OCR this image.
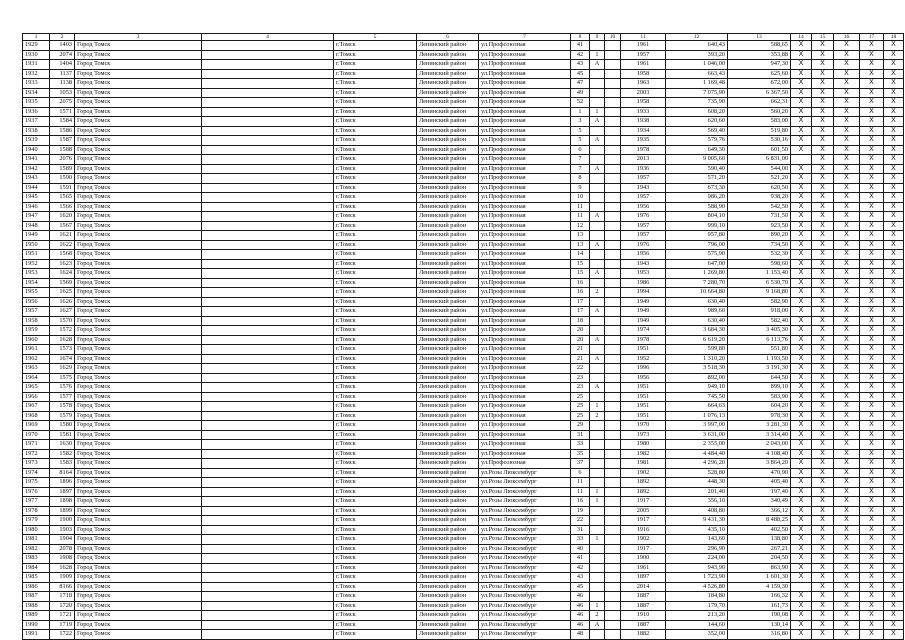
1	2	3	4	5	6	7	8	9	10	11	12	13	14	15	16	17	18
1929	1403	Город Томск		г.Томск	Ленинский район	ул.Профсоюзная	41			1961	640,43	588,65	X	X	X	X	X
1930	2074	Город Томск		г.Томск	Ленинский район	ул.Профсоюзная	42	1		1957	393,20	353,88	X	X	X	X	X
1931	1404	Город Томск		г.Томск	Ленинский район	ул.Профсоюзная	43	А		1961	1 046,00	947,30	X	X	X	X	X
1932	1137	Город Томск		г.Томск	Ленинский район	ул.Профсоюзная	45			1958	663,43	625,60	X	X	X	X	X
1933	1138	Город Томск		г.Томск	Ленинский район	ул.Профсоюзная	47			1963	1 169,48	672,00	X	X	X	X	X
1934	1053	Город Томск		г.Томск	Ленинский район	ул.Профсоюзная	49			2003	7 075,90	6 367,50	X	X	X	X	X
1935	2075	Город Томск		г.Томск	Ленинский район	ул.Профсоюзная	52			1958	735,90	662,31	X	X	X	X	X
1936	1571	Город Томск		г.Томск	Ленинский район	ул.Профсоюзная	1	1		1933	608,20	560,20	X	X	X	X	X
1937	1584	Город Томск		г.Томск	Ленинский район	ул.Профсоюзная	3	А		1938	620,60	583,00	X	X	X	X	X
1938	1586	Город Томск		г.Томск	Ленинский район	ул.Профсоюзная	5			1934	569,40	519,80	X	X	X	X	X
1939	1587	Город Томск		г.Томск	Ленинский район	ул.Профсоюзная	5	А		1935	579,76	530,16	X	X	X	X	X
1940	1588	Город Томск		г.Томск	Ленинский район	ул.Профсоюзная	6			1978	649,30	601,50	X	X	X	X	X
1941	2076	Город Томск		г.Томск	Ленинский район	ул.Профсоюзная	7			2013	9 005,60	6 831,00		X	X	X	X
1942	1589	Город Томск		г.Томск	Ленинский район	ул.Профсоюзная	7	А		1936	590,40	544,00	X	X	X	X	X
1943	1590	Город Томск		г.Томск	Ленинский район	ул.Профсоюзная	8			1957	571,20	521,20	X	X	X	X	X
1944	1591	Город Томск		г.Томск	Ленинский район	ул.Профсоюзная	9			1943	673,30	620,50	X	X	X	X	X
1945	1565	Город Томск		г.Томск	Ленинский район	ул.Профсоюзная	10			1957	986,20	938,20	X	X	X	X	X
1946	1566	Город Томск		г.Томск	Ленинский район	ул.Профсоюзная	11			1956	588,90	542,50	X	X	X	X	X
1947	1620	Город Томск		г.Томск	Ленинский район	ул.Профсоюзная	11	А		1976	804,10	731,50	X	X	X	X	X
1948	1567	Город Томск		г.Томск	Ленинский район	ул.Профсоюзная	12			1957	999,10	923,50	X	X	X	X	X
1949	1621	Город Томск		г.Томск	Ленинский район	ул.Профсоюзная	13			1957	957,80	890,20	X	X	X	X	X
1950	1622	Город Томск		г.Томск	Ленинский район	ул.Профсоюзная	13	А		1976	796,00	734,50	X	X	X	X	X
1951	1568	Город Томск		г.Томск	Ленинский район	ул.Профсоюзная	14			1956	575,90	532,30	X	X	X	X	X
1952	1623	Город Томск		г.Томск	Ленинский район	ул.Профсоюзная	15			1943	647,00	598,60	X	X	X	X	X
1953	1624	Город Томск		г.Томск	Ленинский район	ул.Профсоюзная	15	А		1953	1 269,80	1 153,40	X	X	X	X	X
1954	1569	Город Томск		г.Томск	Ленинский район	ул.Профсоюзная	16			1986	7 280,70	6 530,70	X	X	X	X	X
1955	1625	Город Томск		г.Томск	Ленинский район	ул.Профсоюзная	16	2		1994	10 664,80	9 168,80	X	X	X	X	X
1956	1626	Город Томск		г.Томск	Ленинский район	ул.Профсоюзная	17			1949	630,40	582,90	X	X	X	X	X
1957	1627	Город Томск		г.Томск	Ленинский район	ул.Профсоюзная	17	А		1949	989,60	918,00	X	X	X	X	X
1958	1570	Город Томск		г.Томск	Ленинский район	ул.Профсоюзная	18			1949	630,40	582,40	X	X	X	X	X
1959	1572	Город Томск		г.Томск	Ленинский район	ул.Профсоюзная	20			1974	3 684,30	3 405,30	X	X	X	X	X
1960	1628	Город Томск		г.Томск	Ленинский район	ул.Профсоюзная	20	А		1978	6 619,20	6 113,76	X	X	X	X	X
1961	1573	Город Томск		г.Томск	Ленинский район	ул.Профсоюзная	21			1951	599,80	551,80	X	X	X	X	X
1962	1674	Город Томск		г.Томск	Ленинский район	ул.Профсоюзная	21	А		1952	1 310,20	1 193,50	X	X	X	X	X
1963	1629	Город Томск		г.Томск	Ленинский район	ул.Профсоюзная	22			1996	3 518,30	3 191,30	X	X	X	X	X
1964	1575	Город Томск		г.Томск	Ленинский район	ул.Профсоюзная	23			1956	892,00	644,50	X	X	X	X	X
1965	1576	Город Томск		г.Томск	Ленинский район	ул.Профсоюзная	23	А		1951	949,10	899,10	X	X	X	X	X
1966	1577	Город Томск		г.Томск	Ленинский район	ул.Профсоюзная	25			1951	745,50	583,90	X	X	X	X	X
1967	1578	Город Томск		г.Томск	Ленинский район	ул.Профсоюзная	25	1		1951	664,63	604,20	X	X	X	X	X
1968	1579	Город Томск		г.Томск	Ленинский район	ул.Профсоюзная	25	2		1951	1 076,13	978,30	X	X	X	X	X
1969	1580	Город Томск		г.Томск	Ленинский район	ул.Профсоюзная	29			1970	3 997,00	3 281,30	X	X	X	X	X
1970	1581	Город Томск		г.Томск	Ленинский район	ул.Профсоюзная	31			1973	3 631,00	3 314,40	X	X	X	X	X
1971	1630	Город Томск		г.Томск	Ленинский район	ул.Профсоюзная	33			1980	2 355,00	2 043,00	X	X	X	X	X
1972	1582	Город Томск		г.Томск	Ленинский район	ул.Профсоюзная	35			1982	4 484,40	4 108,40	X	X	X	X	X
1973	1583	Город Томск		г.Томск	Ленинский район	ул.Профсоюзная	37			1981	4 296,20	3 864,20	X	X	X	X	X
1974	8164	Город Томск		г.Томск	Ленинский район	ул.Розы Люксембург	6			1902	528,80	470,90	X	X	X	X	X
1975	1896	Город Томск		г.Томск	Ленинский район	ул.Розы Люксембург	11			1892	448,30	405,40	X	X	X	X	X
1976	1897	Город Томск		г.Томск	Ленинский район	ул.Розы Люксембург	11	1		1892	201,40	197,40	X	X	X	X	X
1977	1898	Город Томск		г.Томск	Ленинский район	ул.Розы Люксембург	16	1		1917	356,10	340,49	X	X	X	X	X
1978	1899	Город Томск		г.Томск	Ленинский район	ул.Розы Люксембург	19			2005	408,80	366,12	X	X	X	X	X
1979	1900	Город Томск		г.Томск	Ленинский район	ул.Розы Люксембург	22			1917	9 431,30	8 488,25	X	X	X	X	X
1980	1903	Город Томск		г.Томск	Ленинский район	ул.Розы Люксембург	31			1916	435,10	402,50	X	X	X	X	X
1981	1904	Город Томск		г.Томск	Ленинский район	ул.Розы Люксембург	33	1		1902	143,60	138,80	X	X	X	X	X
1982	2078	Город Томск		г.Томск	Ленинский район	ул.Розы Люксембург	40			1917	296,90	267,21	X	X	X	X	X
1983	1908	Город Томск		г.Томск	Ленинский район	ул.Розы Люксембург	41			1900	224,00	204,50	X	X	X	X	X
1984	1628	Город Томск		г.Томск	Ленинский район	ул.Розы Люксембург	42			1961	943,90	863,90	X	X	X	X	X
1985	1909	Город Томск		г.Томск	Ленинский район	ул.Розы Люксембург	43			1897	1 723,90	1 601,30	X	X	X	X	X
1986	8166	Город Томск		г.Томск	Ленинский район	ул.Розы Люксембург	45			2014	4 526,80	4 159,30		X	X	X	X
1987	1718	Город Томск		г.Томск	Ленинский район	ул.Розы Люксембург	46			1887	184,80	166,32	X	X	X	X	X
1988	1720	Город Томск		г.Томск	Ленинский район	ул.Розы Люксембург	46	1		1887	179,70	161,73	X	X	X	X	X
1989	1721	Город Томск		г.Томск	Ленинский район	ул.Розы Люксембург	46	2		1910	213,20	190,08	X	X	X	X	X
1990	1719	Город Томск		г.Томск	Ленинский район	ул.Розы Люксембург	46	А		1887	144,60	130,14	X	X	X	X	X
1991	1722	Город Томск		г.Томск	Ленинский район	ул.Розы Люксембург	48			1882	352,00	316,80	X	X	X	X	X
